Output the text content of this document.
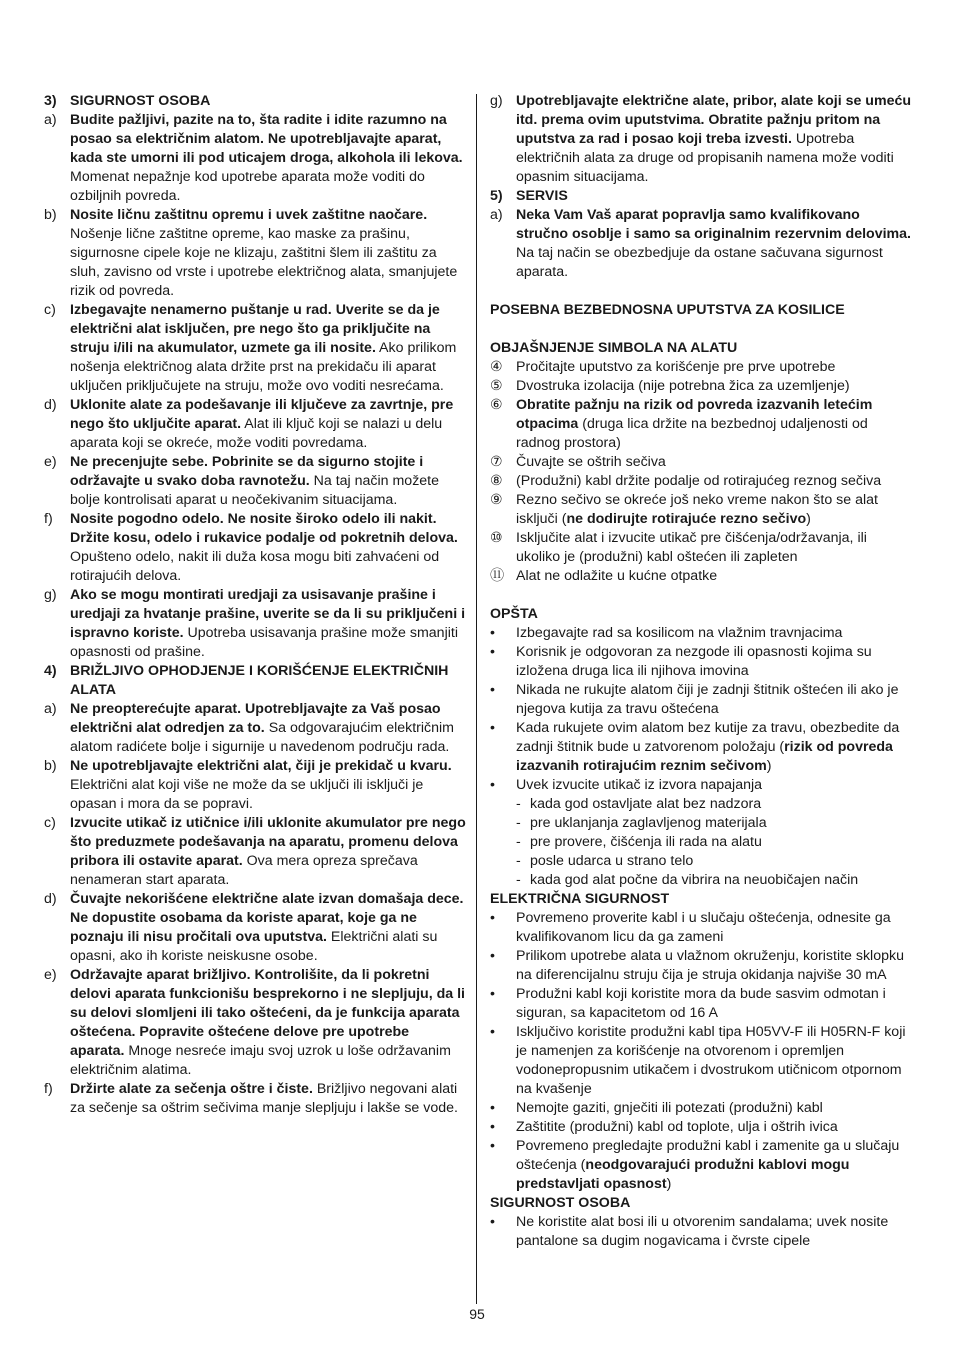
3) SIGURNOST OSOBA
a) Budite pažljivi, pazite na to, šta radite i idite razumno na posao sa električnim alatom. Ne upotrebljavajte aparat, kada ste umorni ili pod uticajem droga, alkohola ili lekova. Momenat nepažnje kod upotrebe aparata može voditi do ozbiljnih povreda.
b) Nosite ličnu zaštitnu opremu i uvek zaštitne naočare. Nošenje lične zaštitne opreme, kao maske za prašinu, sigurnosne cipele koje ne klizaju, zaštitni šlem ili zaštitu za sluh, zavisno od vrste i upotrebe električnog alata, smanjujete rizik od povreda.
c) Izbegavajte nenamerno puštanje u rad. Uverite se da je električni alat isključen, pre nego što ga priključite na struju i/ili na akumulator, uzmete ga ili nosite. Ako prilikom nošenja električnog alata držite prst na prekidaču ili aparat uključen priključujete na struju, može ovo voditi nesrećama.
d) Uklonite alate za podešavanje ili ključeve za zavrtnje, pre nego što uključite aparat. Alat ili ključ koji se nalazi u delu aparata koji se okreće, može voditi povredama.
e) Ne precenjujte sebe. Pobrinite se da sigurno stojite i održavajte u svako doba ravnotežu. Na taj način možete bolje kontrolisati aparat u neočekivanim situacijama.
f)	Nosite pogodno odelo. Ne nosite široko odelo ili nakit. Držite kosu, odelo i rukavice podalje od pokretnih delova. Opušteno odelo, nakit ili duža kosa mogu biti zahvaćeni od rotirajućih delova.
g) Ako se mogu montirati uredjaji za usisavanje prašine i uredjaji za hvatanje prašine, uverite se da li su priključeni i ispravno koriste. Upotreba usisavanja prašine može smanjiti opasnosti od prašine.
4) BRIŽLJIVO OPHODJENJE I KORIŠĆENJE ELEKTRIČNIH ALATA
a) Ne preopterećujte aparat. Upotrebljavajte za Vaš posao električni alat odredjen za to. Sa odgovarajućim električnim alatom radićete bolje i sigurnije u navedenom području rada.
b) Ne upotrebljavajte električni alat, čiji je prekidač u kvaru. Električni alat koji više ne može da se uključi ili isključi je opasan i mora da se popravi.
c) Izvucite utikač iz utičnice i/ili uklonite akumulator pre nego što preduzmete podešavanja na aparatu, promenu delova pribora ili ostavite aparat. Ova mera opreza sprečava nenameran start aparata.
d) Čuvajte nekorišćene električne alate izvan domašaja dece. Ne dopustite osobama da koriste aparat, koje ga ne poznaju ili nisu pročitali ova uputstva. Električni alati su opasni, ako ih koriste neiskusne osobe.
e) Održavajte aparat brižljivo. Kontrolišite, da li pokretni delovi aparata funkcionišu besprekorno i ne slepljuju, da li su delovi slomljeni ili tako oštećeni, da je funkcija aparata oštećena. Popravite oštećene delove pre upotrebe aparata. Mnoge nesreće imaju svoj uzrok u loše održavanim električnim alatima.
f)	Držirte alate za sečenja oštre i čiste. Brižljivo negovani alati za sečenje sa oštrim sečivima manje slepljuju i lakše se vode.
g) Upotrebljavajte električne alate, pribor, alate koji se umeću itd. prema ovim uputstvima. Obratite pažnju pritom na uputstva za rad i posao koji treba izvesti. Upotreba električnih alata za druge od propisanih namena može voditi opasnim situacijama.
5) SERVIS
a) Neka Vam Vaš aparat popravlja samo kvalifikovano stručno osoblje i samo sa originalnim rezervnim delovima. Na taj način se obezbedjuje da ostane sačuvana sigurnost aparata.
POSEBNA BEZBEDNOSNA UPUTSTVA ZA KOSILICE
OBJAŠNJENJE SIMBOLA NA ALATU
④ Pročitajte uputstvo za korišćenje pre prve upotrebe
⑤ Dvostruka izolacija (nije potrebna žica za uzemljenje)
⑥ Obratite pažnju na rizik od povreda izazvanih letećim otpacima (druga lica držite na bezbednoj udaljenosti od radnog prostora)
⑦ Čuvajte se oštrih sečiva
⑧ (Produžni) kabl držite podalje od rotirajućeg reznog sečiva
⑨ Rezno sečivo se okreće još neko vreme nakon što se alat isključi (ne dodirujte rotirajuće rezno sečivo)
⑩ Isključite alat i izvucite utikač pre čišćenja/održavanja, ili ukoliko je (produžni) kabl oštećen ili zapleten
⑪ Alat ne odlažite u kućne otpatke
OPŠTA
•	Izbegavajte rad sa kosilicom na vlažnim travnjacima
•	Korisnik je odgovoran za nezgode ili opasnosti kojima su izložena druga lica ili njihova imovina
•	Nikada ne rukujte alatom čiji je zadnji štitnik oštećen ili ako je njegova kutija za travu oštećena
•	Kada rukujete ovim alatom bez kutije za travu, obezbedite da zadnji štitnik bude u zatvorenom položaju (rizik od povreda izazvanih rotirajućim reznim sečivom)
•	Uvek izvucite utikač iz izvora napajanja
- kada god ostavljate alat bez nadzora
- pre uklanjanja zaglavljenog materijala
- pre provere, čišćenja ili rada na alatu
- posle udarca u strano telo
- kada god alat počne da vibrira na neuobičajen način
ELEKTRIČNA SIGURNOST
•	Povremeno proverite kabl i u slučaju oštećenja, odnesite ga kvalifikovanom licu da ga zameni
•	Prilikom upotrebe alata u vlažnom okruženju, koristite sklopku na diferencijalnu struju čija je struja okidanja najviše 30 mA
•	Produžni kabl koji koristite mora da bude sasvim odmotan i siguran, sa kapacitetom od 16 A
•	Isključivo koristite produžni kabl tipa H05VV-F ili H05RN-F koji je namenjen za korišćenje na otvorenom i opremljen vodonepropusnim utikačem i dvostrukom utičnicom otpornom na kvašenje
•	Nemojte gaziti, gnječiti ili potezati (produžni) kabl
•	Zaštitite (produžni) kabl od toplote, ulja i oštrih ivica
•	Povremeno pregledajte produžni kabl i zamenite ga u slučaju oštećenja (neodgovarajući produžni kablovi mogu predstavljati opasnost)
SIGURNOST OSOBA
•	Ne koristite alat bosi ili u otvorenim sandalama; uvek nosite pantalone sa dugim nogavicama i čvrste cipele
95
